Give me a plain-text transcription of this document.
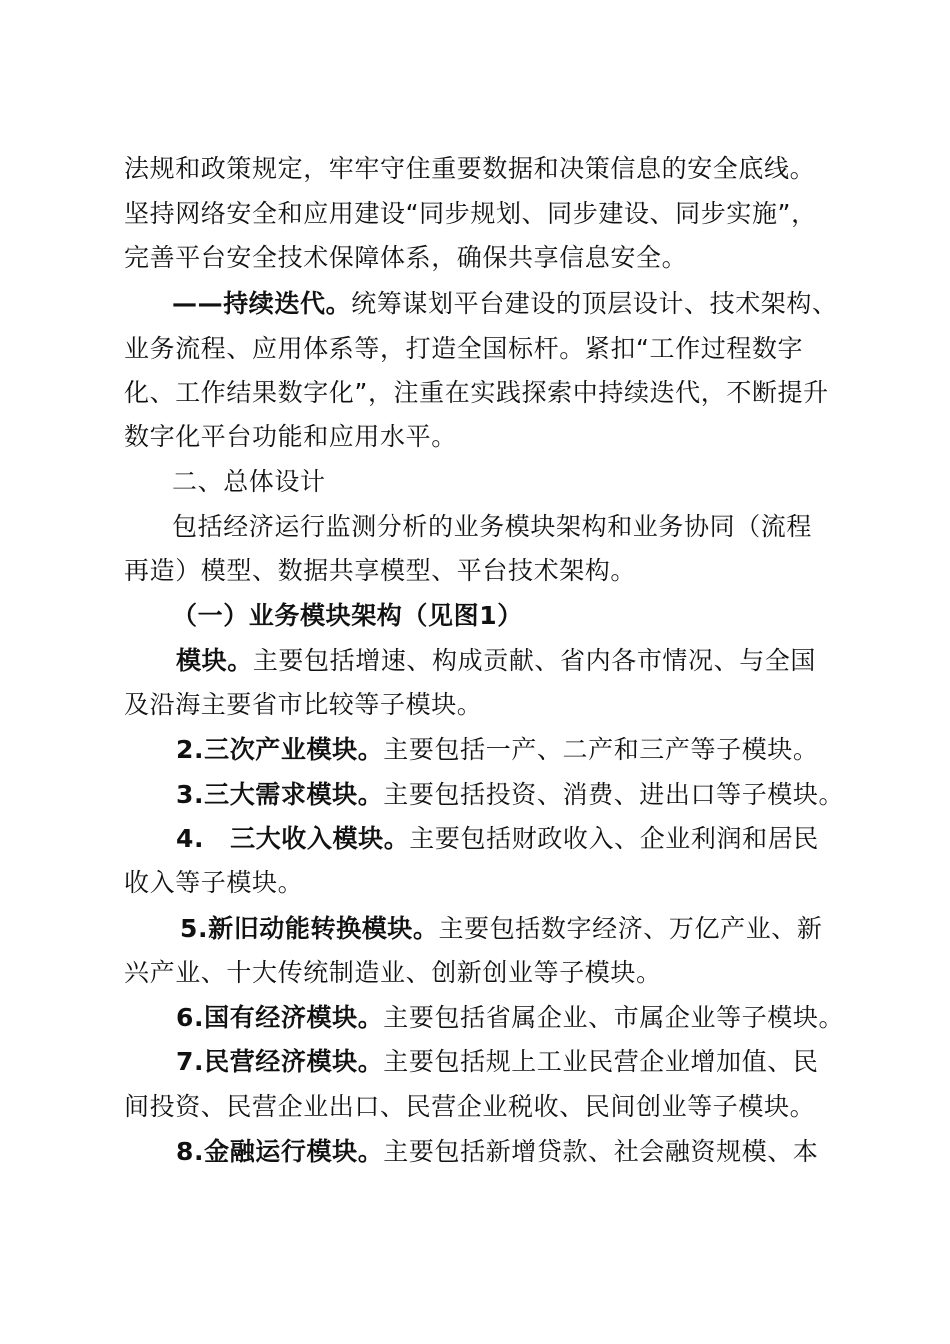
法规和政策规定，牢牢守住重要数据和决策信息的安全底线。
坚持网络安全和应用建设“同步规划、同步建设、同步实施”，
完善平台安全技术保障体系，确保共享信息安全。
——持续迭代。统筹谋划平台建设的顶层设计、技术架构、
业务流程、应用体系等，打造全国标杆。紧扣“工作过程数字
化、工作结果数字化”，注重在实践探索中持续迭代，不断提升
数字化平台功能和应用水平。
二、总体设计
包括经济运行监测分析的业务模块架构和业务协同（流程
再造）模型、数据共享模型、平台技术架构。
（一）业务模块架构（见图1）
模块。主要包括增速、构成贡献、省内各市情况、与全国
及沿海主要省市比较等子模块。
2.三次产业模块。主要包括一产、二产和三产等子模块。
3.三大需求模块。主要包括投资、消费、进出口等子模块。
4. 三大收入模块。主要包括财政收入、企业利润和居民
收入等子模块。
5.新旧动能转换模块。主要包括数字经济、万亿产业、新
兴产业、十大传统制造业、创新创业等子模块。
6.国有经济模块。主要包括省属企业、市属企业等子模块。
7.民营经济模块。主要包括规上工业民营企业增加值、民
间投资、民营企业出口、民营企业税收、民间创业等子模块。
8.金融运行模块。主要包括新增贷款、社会融资规模、本
